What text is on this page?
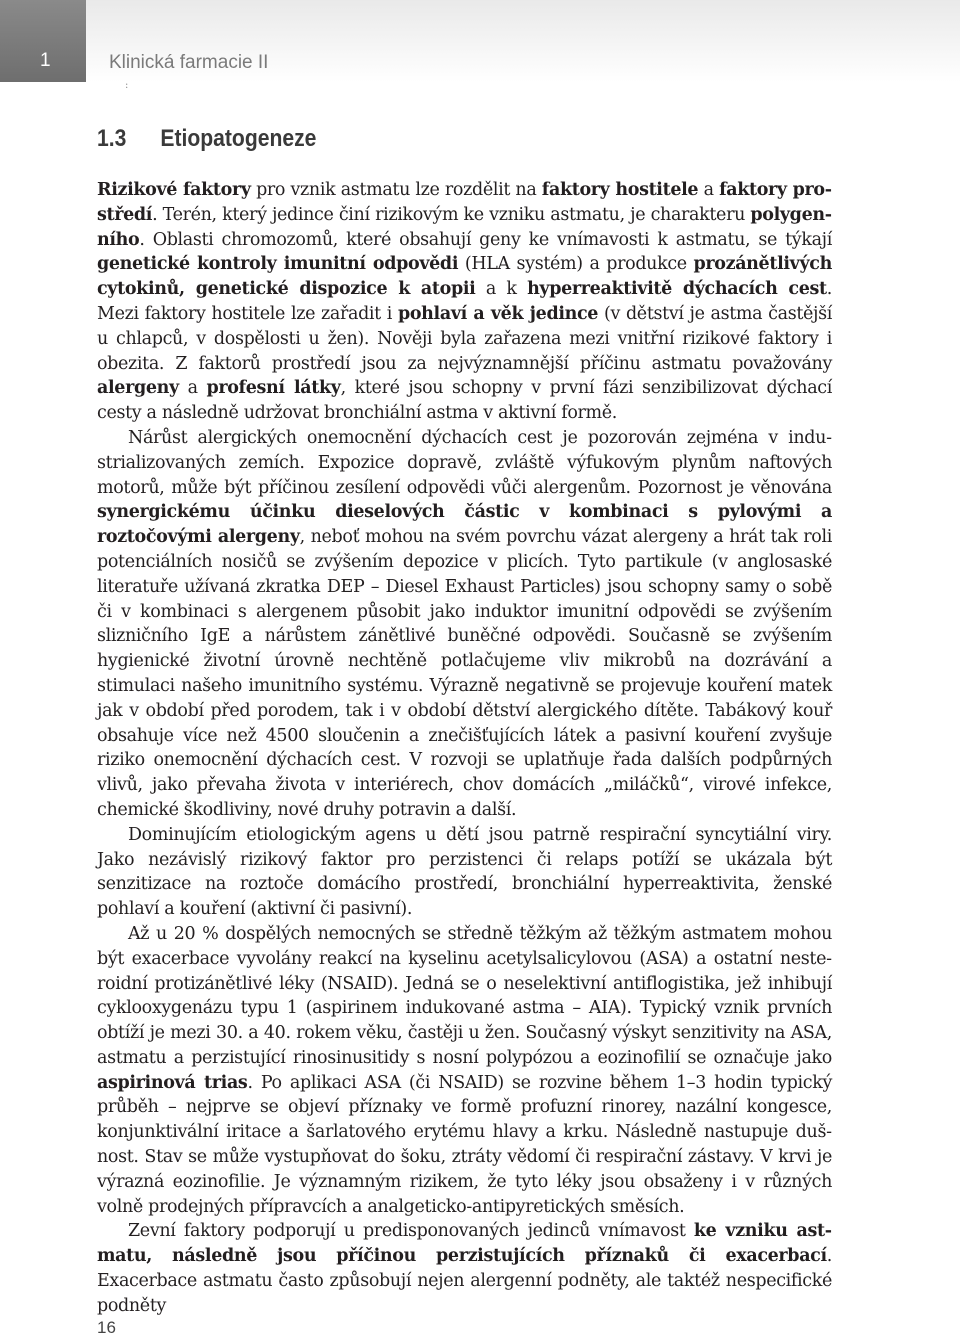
1	Klinická farmacie II
:
1.3 Etiopatogeneze

Rizikové faktory pro vznik astmatu lze rozdělit na faktory hostitele a faktory prostředí. Terén, který jedince činí rizikovým ke vzniku astmatu, je charakteru polygenního. Oblasti chromozomů, které obsahují geny ke vnímavosti k astmatu, se týkají genetické kontroly imunitní odpovědi (HLA systém) a produkce prozánětlivých cytokinů, genetické dispozice k atopii a k hyperreaktivitě dýchacích cest. Mezi faktory hostitele lze zařadit i pohlaví a věk jedince (v dětství je astma častější u chlapců, v dospělosti u žen). Nověji byla zařazena mezi vnitřní rizikové faktory i obezita. Z faktorů prostředí jsou za nejvýznamnější příčinu astmatu považovány alergeny a profesní látky, které jsou schopny v první fázi senzibilizovat dýchací cesty a následně udržovat bronchiální astma v aktivní formě.

Nárůst alergických onemocnění dýchacích cest je pozorován zejména v industrializovaných zemích. Expozice dopravě, zvláště výfukovým plynům naftových motorů, může být příčinou zesílení odpovědi vůči alergenům. Pozornost je věnována synergickému účinku dieselových částic v kombinaci s pylovými a roztočovými alergeny, neboť mohou na svém povrchu vázat alergeny a hrát tak roli potenciálních nosičů se zvýšením depozice v plicích. Tyto partikule (v anglosaské literatuře užívaná zkratka DEP – Diesel Exhaust Particles) jsou schopny samy o sobě či v kombinaci s alergenem působit jako induktor imunitní odpovědi se zvýšením slizničního IgE a nárůstem zánětlivé buněčné odpovědi. Současně se zvýšením hygienické životní úrovně nechtěně potlačujeme vliv mikrobů na dozrávání a stimulaci našeho imunitního systému. Výrazně negativně se projevuje kouření matek jak v období před porodem, tak i v období dětství alergického dítěte. Tabákový kouř obsahuje více než 4500 sloučenin a znečišťujících látek a pasivní kouření zvyšuje riziko onemocnění dýchacích cest. V rozvoji se uplatňuje řada dalších podpůrných vlivů, jako převaha života v interiérech, chov domácích „miláčků“, virové infekce, chemické škodliviny, nové druhy potravin a další.

Dominujícím etiologickým agens u dětí jsou patrně respirační syncytiální viry. Jako nezávislý rizikový faktor pro perzistenci či relaps potíží se ukázala být senzitizace na roztoče domácího prostředí, bronchiální hyperreaktivita, ženské pohlaví a kouření (aktivní či pasivní).

Až u 20 % dospělých nemocných se středně těžkým až těžkým astmatem mohou být exacerbace vyvolány reakcí na kyselinu acetylsalicylovou (ASA) a ostatní nesteroidní protizánětlivé léky (NSAID). Jedná se o neselektivní antiflogistika, jež inhibují cyklooxygenázu typu 1 (aspirinem indukované astma – AIA). Typický vznik prvních obtíží je mezi 30. a 40. rokem věku, častěji u žen. Současný výskyt senzitivity na ASA, astmatu a perzistující rinosinusitidy s nosní polypózou a eozinofilií se označuje jako aspirinová trias. Po aplikaci ASA (či NSAID) se rozvine během 1–3 hodin typický průběh – nejprve se objeví příznaky ve formě profuzní rinorey, nazální kongesce, konjunktivální iritace a šarlatového erytému hlavy a krku. Následně nastupuje dušnost. Stav se může vystupňovat do šoku, ztráty vědomí či respirační zástavy. V krvi je výrazná eozinofilie. Je významným rizikem, že tyto léky jsou obsaženy i v různých volně prodejných přípravcích a analgeticko-antipyretických směsích.

Zevní faktory podporují u predisponovaných jedinců vnímavost ke vzniku astmatu, následně jsou příčinou perzistujících příznaků či exacerbací. Exacerbace astmatu často způsobují nejen alergenní podněty, ale taktéž nespecifické podněty

16
